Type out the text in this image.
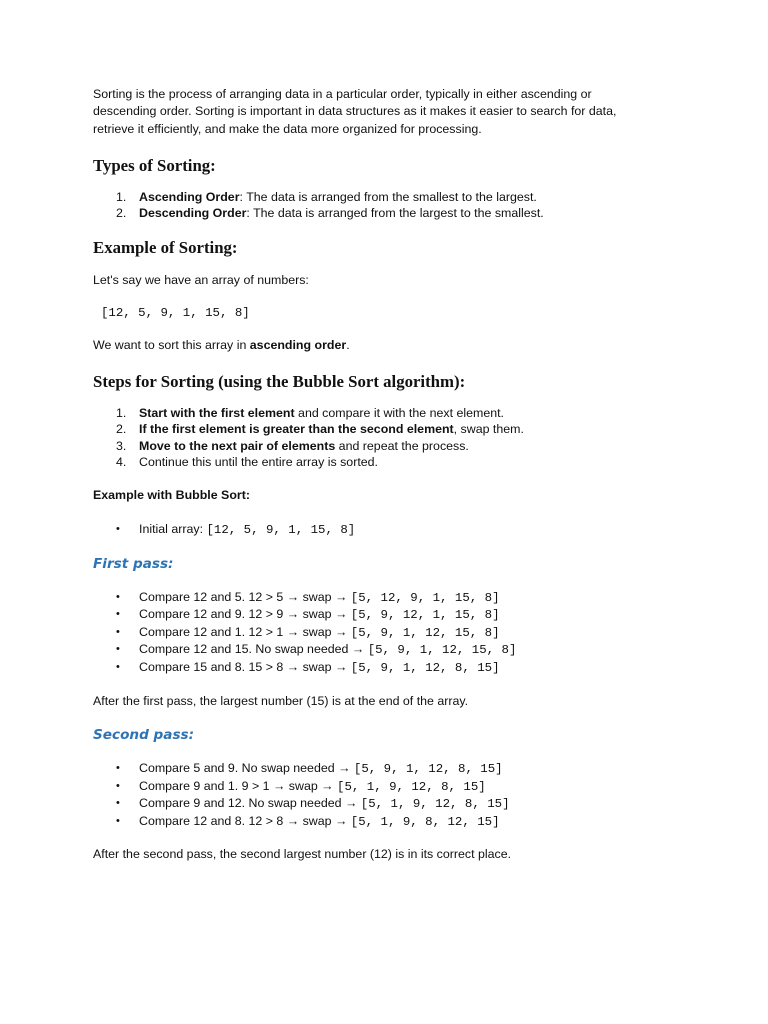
Sorting is the process of arranging data in a particular order, typically in either ascending or descending order. Sorting is important in data structures as it makes it easier to search for data, retrieve it efficiently, and make the data more organized for processing.

Types of Sorting:
1. Ascending Order: The data is arranged from the smallest to the largest.
2. Descending Order: The data is arranged from the largest to the smallest.
Example of Sorting:

Let's say we have an array of numbers:

[12, 5, 9, 1, 15, 8]

We want to sort this array in ascending order.

Steps for Sorting (using the Bubble Sort algorithm):
1. Start with the first element and compare it with the next element.
2. If the first element is greater than the second element, swap them.
3. Move to the next pair of elements and repeat the process.
4. Continue this until the entire array is sorted.
Example with Bubble Sort:
• Initial array: [12, 5, 9, 1, 15, 8]
First pass:
• Compare 12 and 5. 12 > 5 → swap → [5, 12, 9, 1, 15, 8]
• Compare 12 and 9. 12 > 9 → swap → [5, 9, 12, 1, 15, 8]
• Compare 12 and 1. 12 > 1 → swap → [5, 9, 1, 12, 15, 8]
• Compare 12 and 15. No swap needed → [5, 9, 1, 12, 15, 8]
• Compare 15 and 8. 15 > 8 → swap → [5, 9, 1, 12, 8, 15]

After the first pass, the largest number (15) is at the end of the array.

Second pass:
• Compare 5 and 9. No swap needed → [5, 9, 1, 12, 8, 15]
• Compare 9 and 1. 9 > 1 → swap → [5, 1, 9, 12, 8, 15]
• Compare 9 and 12. No swap needed → [5, 1, 9, 12, 8, 15]
• Compare 12 and 8. 12 > 8 → swap → [5, 1, 9, 8, 12, 15]

After the second pass, the second largest number (12) is in its correct place.
